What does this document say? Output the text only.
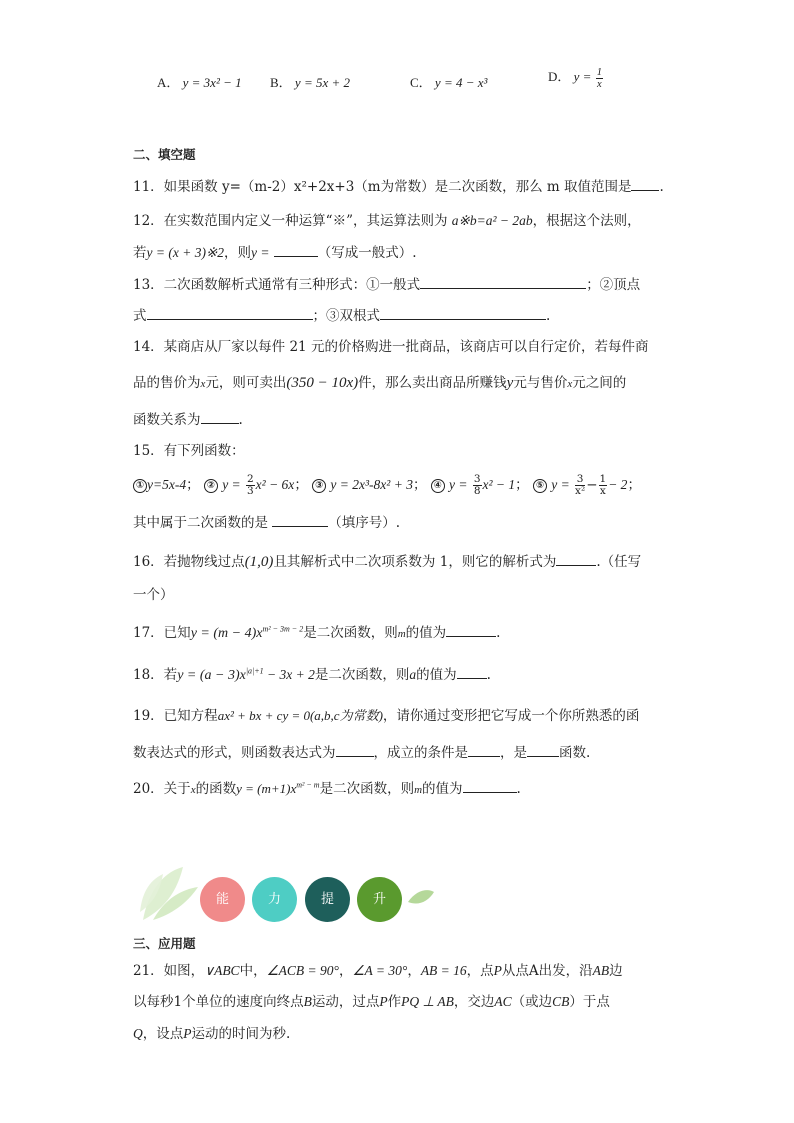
A． y = 3x² − 1 B． y = 5x + 2	C． y = 4 − x³	D． $y = \frac{1}{x}$
二、填空题
11．如果函数 y=（m-2）x²+2x+3（m为常数）是二次函数，那么 m 取值范围是 .
12．在实数范围内定义一种运算“※”，其运算法则为 a※b=a² − 2ab，根据这个法则，
若y = (x + 3)※2，则y =	（写成一般式）.
13．二次函数解析式通常有三种形式：①一般式	；②顶点
式	；③双根式	.
14．某商店从厂家以每件 21 元的价格购进一批商品，该商店可以自行定价，若每件商
品的售价为x元，则可卖出(350 − 10x)件，那么卖出商品所赚钱y元与售价x元之间的
函数关系为	.
15．有下列函数：
① y=5x-4； ② $y = \frac{2}{3} x^2 - 6x$； ③ y = 2x³-8x² + 3； ④ $y = \frac{3}{8} x^2 - 1$； ⑤ $y = \frac{3}{\text{x²}} - \frac{1}{x} - 2$；
其中属于二次函数的是	（填序号）.
16．若抛物线过点(1,0)且其解析式中二次项系数为 1，则它的解析式为	.（任写
一个）
17．已知$y = (m - 4)x^{m^2 - 3m - 2}$是二次函数，则m的值为	.
18．若$y = (a - 3)x^{|a|+1} - 3x + 2$是二次函数，则a的值为 .
19．已知方程ax² + bx + cy = 0(a,b,c为常数)，请你通过变形把它写成一个你所熟悉的函
数表达式的形式，则函数表达式为	，成立的条件是 ，是 函数.
20．关于x的函数$y = (m+1)x^{m^2 - m}$是二次函数，则m的值为	.
能	力	提	升
三、应用题
21．如图，∨ABC中，∠ACB = 90°，∠A = 30°，AB = 16，点P从点A出发，沿AB边
以每秒1个单位的速度向终点B运动，过点P作PQ ⊥ AB，交边AC（或边CB）于点
Q，设点P运动的时间为秒.
